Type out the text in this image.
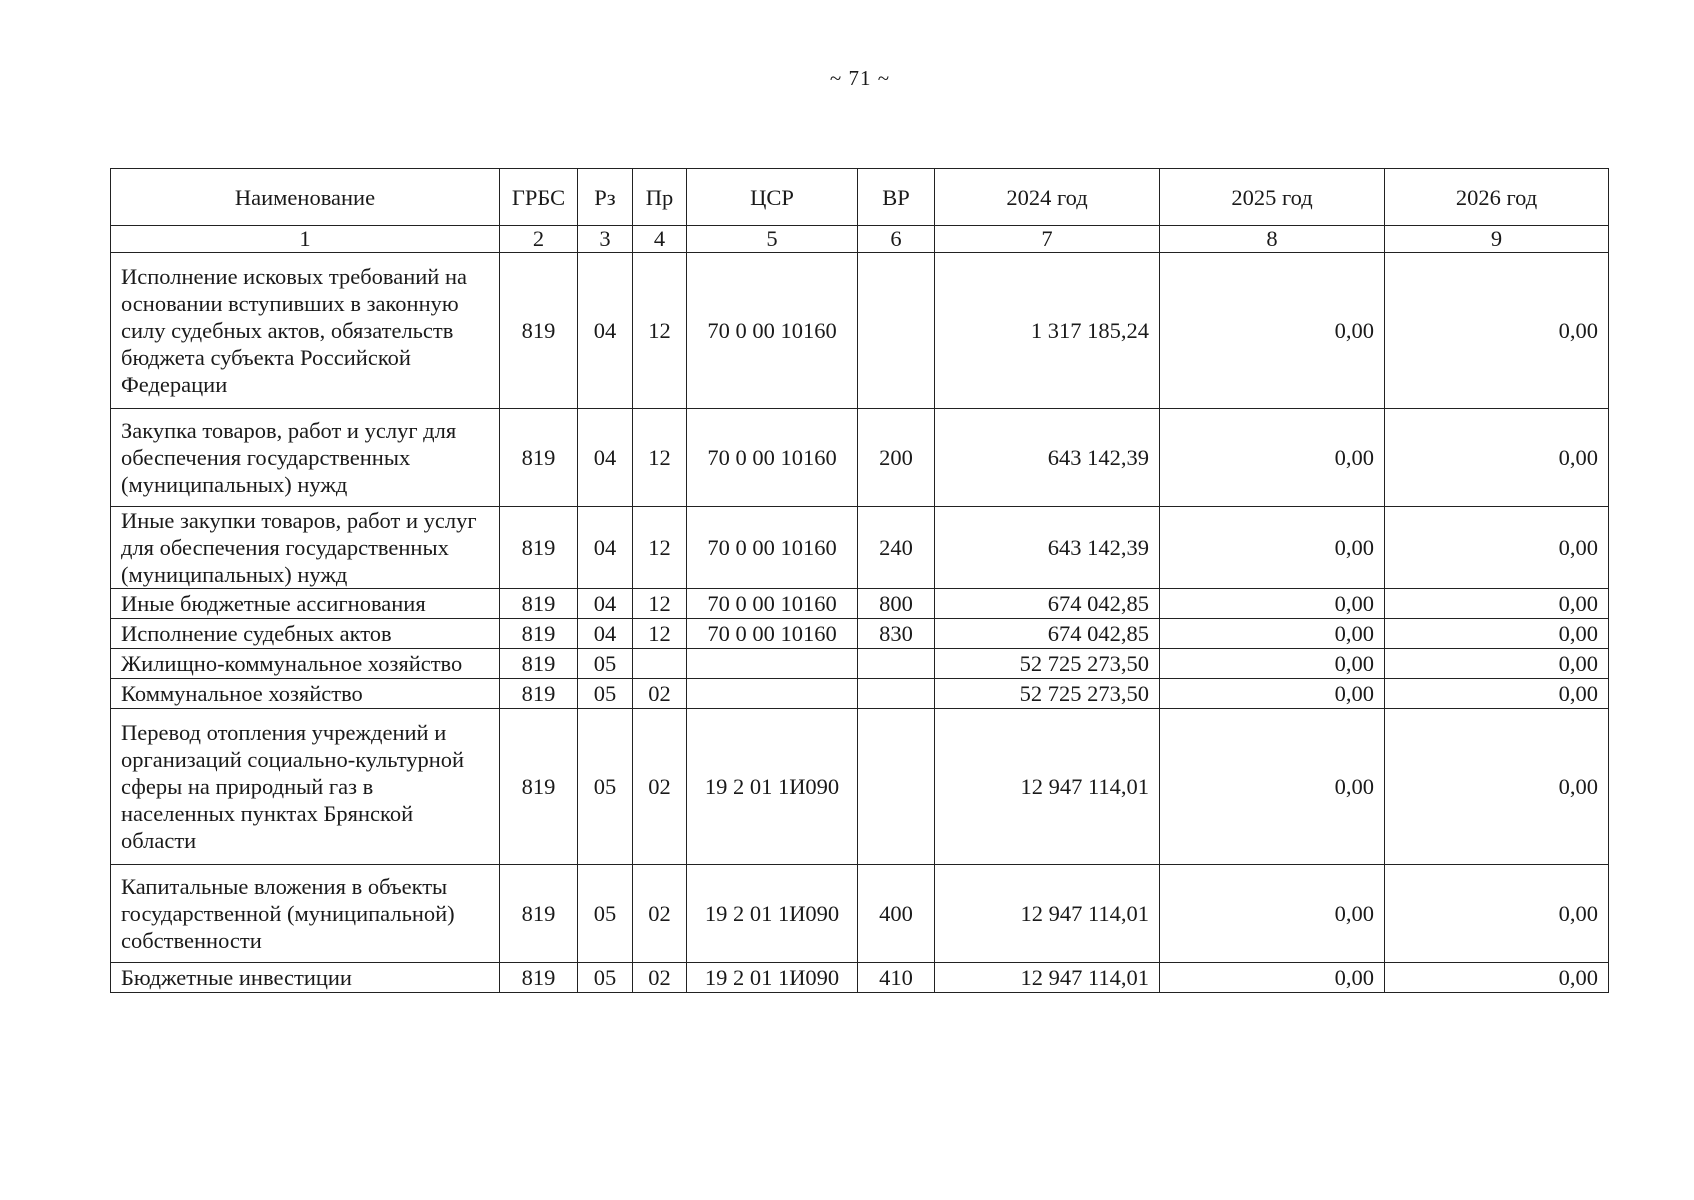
~ 71 ~
Наименование	ГРБС	Рз	Пр	ЦСР	ВР	2024 год	2025 год	2026 год
1	2	3	4	5	6	7	8	9
Исполнение исковых требований на основании вступивших в законную силу судебных актов, обязательств бюджета субъекта Российской Федерации	819	04	12	70 0 00 10160		1 317 185,24	0,00	0,00
Закупка товаров, работ и услуг для обеспечения государственных (муниципальных) нужд	819	04	12	70 0 00 10160	200	643 142,39	0,00	0,00
Иные закупки товаров, работ и услуг для обеспечения государственных (муниципальных) нужд	819	04	12	70 0 00 10160	240	643 142,39	0,00	0,00
Иные бюджетные ассигнования	819	04	12	70 0 00 10160	800	674 042,85	0,00	0,00
Исполнение судебных актов	819	04	12	70 0 00 10160	830	674 042,85	0,00	0,00
Жилищно-коммунальное хозяйство	819	05				52 725 273,50	0,00	0,00
Коммунальное хозяйство	819	05	02			52 725 273,50	0,00	0,00
Перевод отопления учреждений и организаций социально-культурной сферы на природный газ в населенных пунктах Брянской области	819	05	02	19 2 01 1И090		12 947 114,01	0,00	0,00
Капитальные вложения в объекты государственной (муниципальной) собственности	819	05	02	19 2 01 1И090	400	12 947 114,01	0,00	0,00
Бюджетные инвестиции	819	05	02	19 2 01 1И090	410	12 947 114,01	0,00	0,00
